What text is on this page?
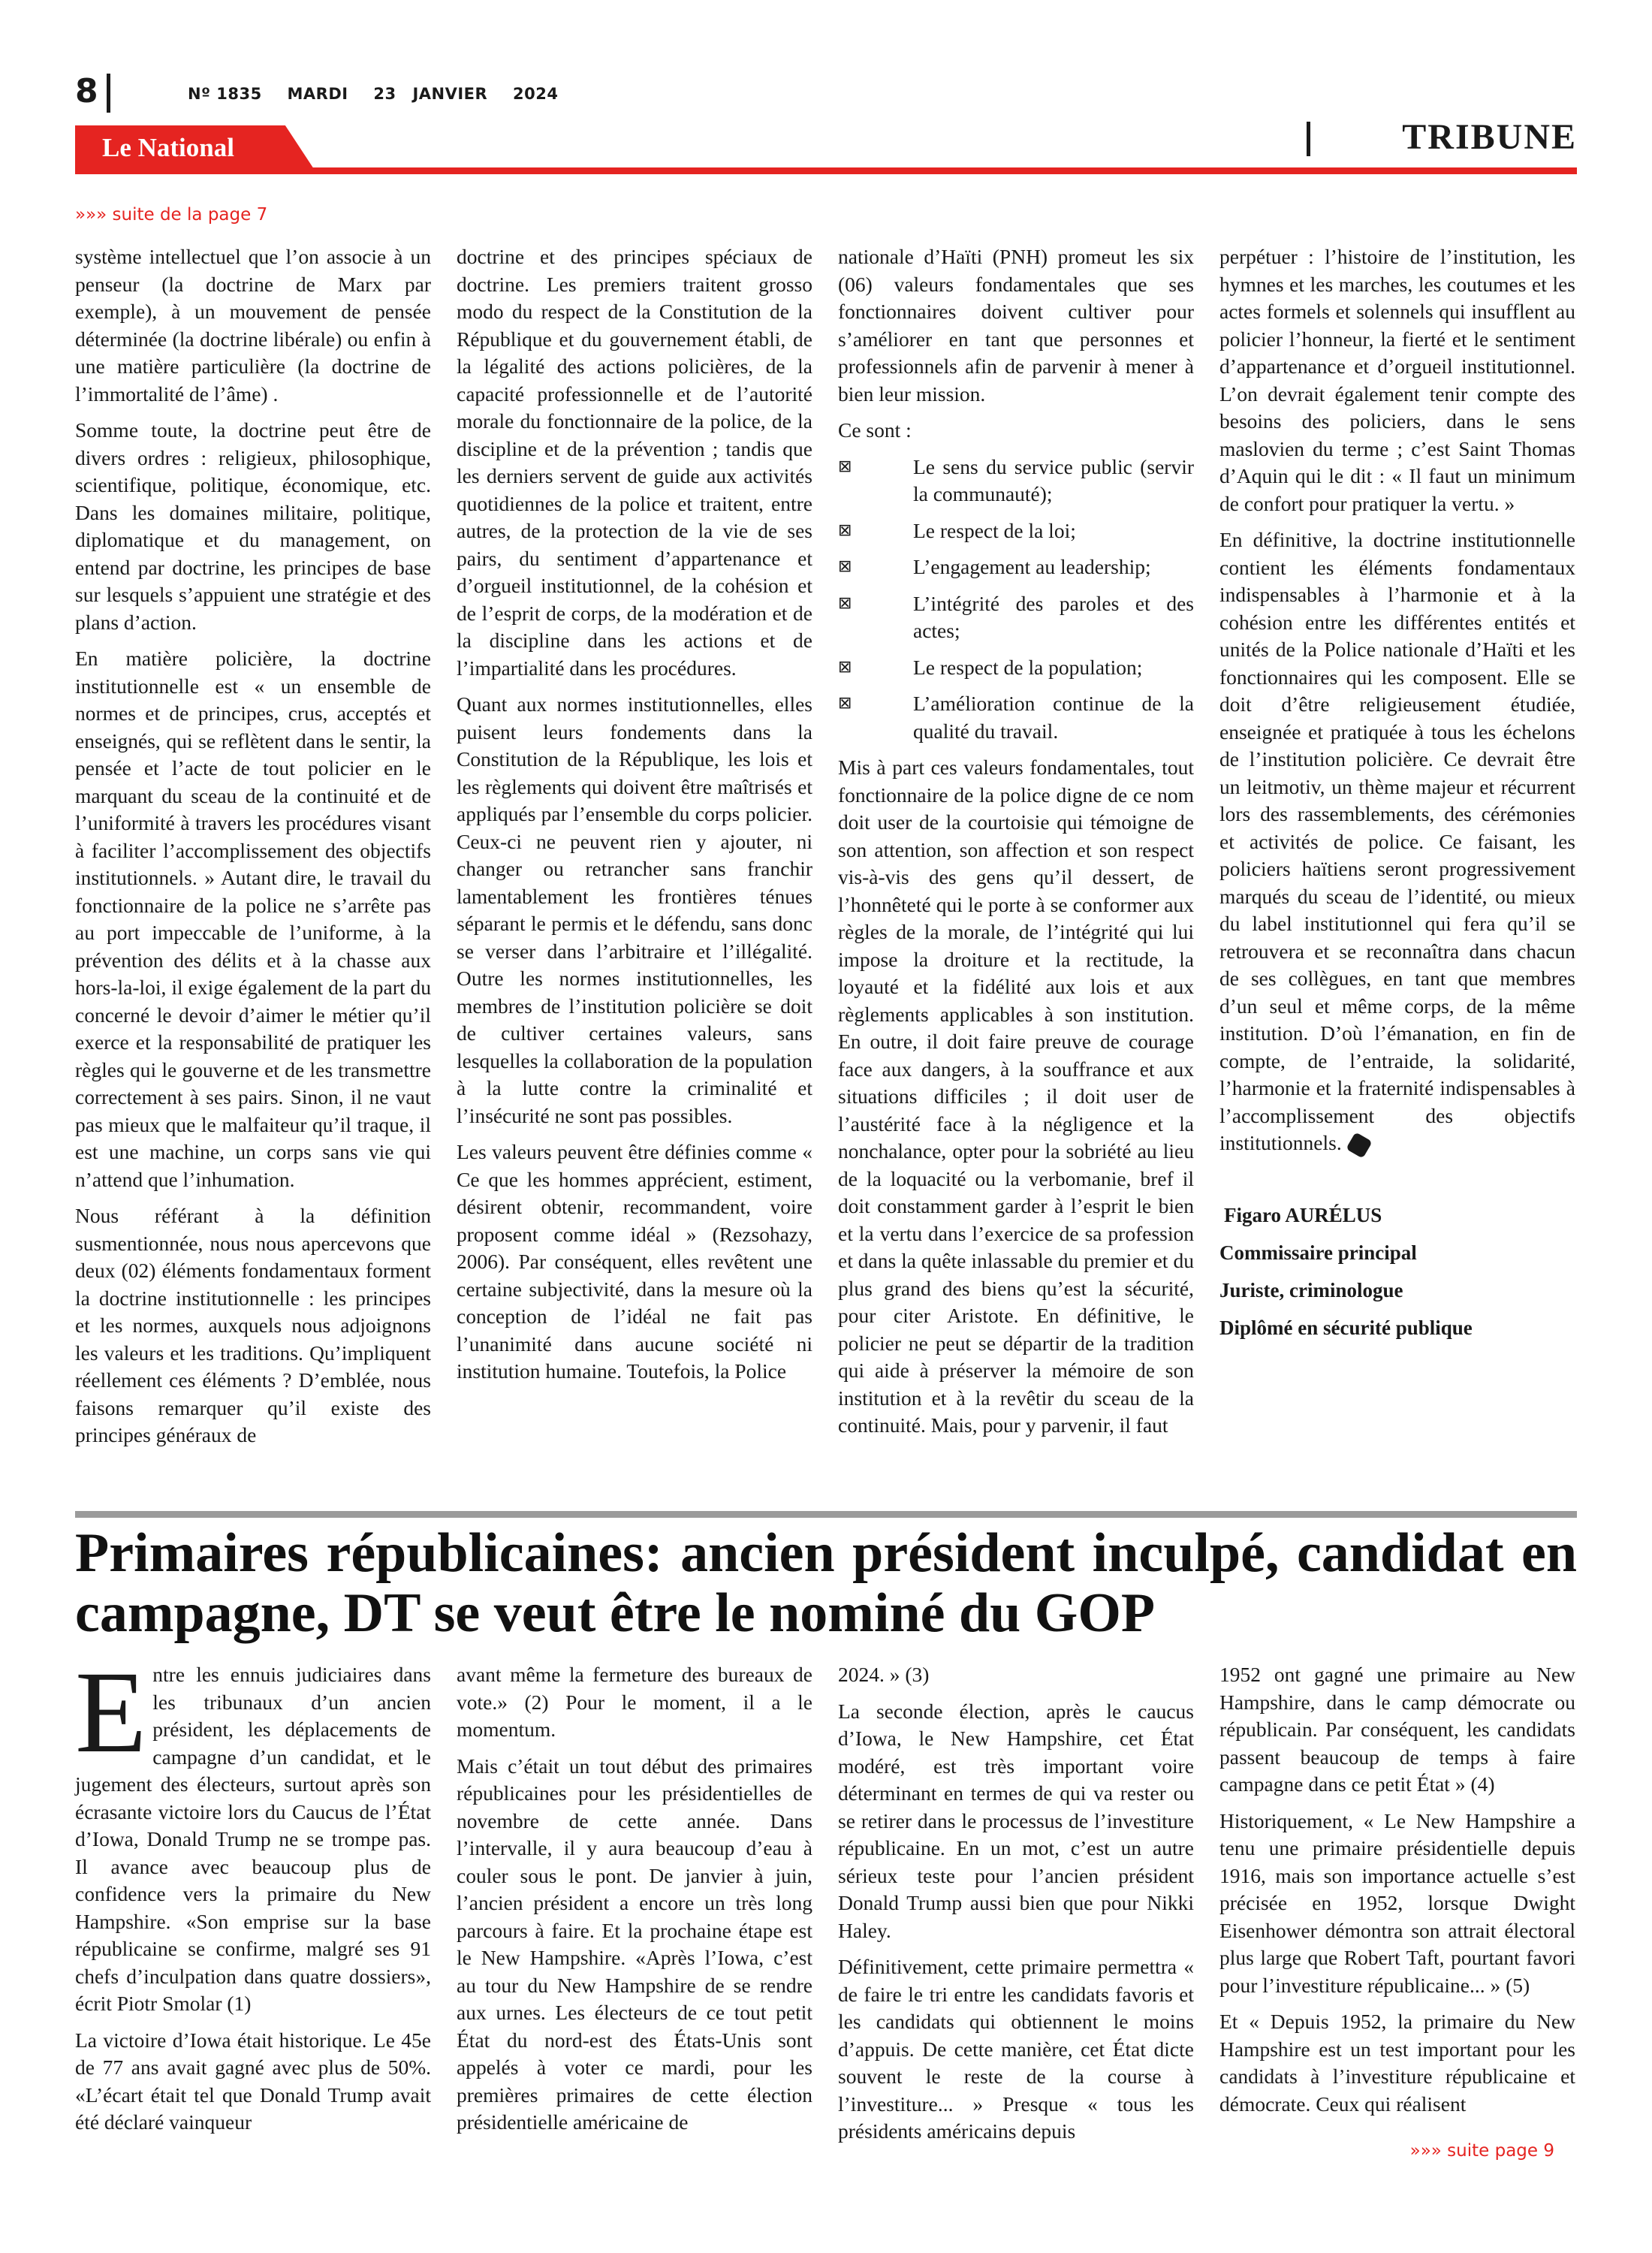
8	Nº 1835 MARDI 23 JANVIER 2024
Le National	TRIBUNE
»»» suite de la page 7

système intellectuel que l’on associe à un penseur (la doctrine de Marx par exemple), à un mouvement de pensée déterminée (la doctrine libérale) ou enfin à une matière particulière (la doctrine de l’immortalité de l’âme) .

Somme toute, la doctrine peut être de divers ordres : religieux, philosophique, scientifique, politique, économique, etc. Dans les domaines militaire, politique, diplomatique et du management, on entend par doctrine, les principes de base sur lesquels s’appuient une stratégie et des plans d’action.

En matière policière, la doctrine institutionnelle est « un ensemble de normes et de principes, crus, acceptés et enseignés, qui se reflètent dans le sentir, la pensée et l’acte de tout policier en le marquant du sceau de la continuité et de l’uniformité à travers les procédures visant à faciliter l’accomplissement des objectifs institutionnels. » Autant dire, le travail du fonctionnaire de la police ne s’arrête pas au port impeccable de l’uniforme, à la prévention des délits et à la chasse aux hors-la-loi, il exige également de la part du concerné le devoir d’aimer le métier qu’il exerce et la responsabilité de pratiquer les règles qui le gouverne et de les transmettre correctement à ses pairs. Sinon, il ne vaut pas mieux que le malfaiteur qu’il traque, il est une machine, un corps sans vie qui n’attend que l’inhumation.

Nous référant à la définition susmentionnée, nous nous apercevons que deux (02) éléments fondamentaux forment la doctrine institutionnelle : les principes et les normes, auxquels nous adjoignons les valeurs et les traditions. Qu’impliquent réellement ces éléments ? D’emblée, nous faisons remarquer qu’il existe des principes généraux de

doctrine et des principes spéciaux de doctrine. Les premiers traitent grosso modo du respect de la Constitution de la République et du gouvernement établi, de la légalité des actions policières, de la capacité professionnelle et de l’autorité morale du fonctionnaire de la police, de la discipline et de la prévention ; tandis que les derniers servent de guide aux activités quotidiennes de la police et traitent, entre autres, de la protection de la vie de ses pairs, du sentiment d’appartenance et d’orgueil institutionnel, de la cohésion et de l’esprit de corps, de la modération et de la discipline dans les actions et de l’impartialité dans les procédures.

Quant aux normes institutionnelles, elles puisent leurs fondements dans la Constitution de la République, les lois et les règlements qui doivent être maîtrisés et appliqués par l’ensemble du corps policier. Ceux-ci ne peuvent rien y ajouter, ni changer ou retrancher sans franchir lamentablement les frontières ténues séparant le permis et le défendu, sans donc se verser dans l’arbitraire et l’illégalité. Outre les normes institutionnelles, les membres de l’institution policière se doit de cultiver certaines valeurs, sans lesquelles la collaboration de la population à la lutte contre la criminalité et l’insécurité ne sont pas possibles.

Les valeurs peuvent être définies comme « Ce que les hommes apprécient, estiment, désirent obtenir, recommandent, voire proposent comme idéal » (Rezsohazy, 2006). Par conséquent, elles revêtent une certaine subjectivité, dans la mesure où la conception de l’idéal ne fait pas l’unanimité dans aucune société ni institution humaine. Toutefois, la Police

nationale d’Haïti (PNH) promeut les six (06) valeurs fondamentales que ses fonctionnaires doivent cultiver pour s’améliorer en tant que personnes et professionnels afin de parvenir à mener à bien leur mission.

Ce sont :

⊠	Le sens du service public (servir la communauté);

⊠	Le respect de la loi;

⊠	L’engagement au leadership;

⊠	L’intégrité des paroles et des actes;

⊠	Le respect de la population;

⊠	L’amélioration continue de la qualité du travail.

Mis à part ces valeurs fondamentales, tout fonctionnaire de la police digne de ce nom doit user de la courtoisie qui témoigne de son attention, son affection et son respect vis-à-vis des gens qu’il dessert, de l’honnêteté qui le porte à se conformer aux règles de la morale, de l’intégrité qui lui impose la droiture et la rectitude, la loyauté et la fidélité aux lois et aux règlements applicables à son institution. En outre, il doit faire preuve de courage face aux dangers, à la souffrance et aux situations difficiles ; il doit user de l’austérité face à la négligence et la nonchalance, opter pour la sobriété au lieu de la loquacité ou la verbomanie, bref il doit constamment garder à l’esprit le bien et la vertu dans l’exercice de sa profession et dans la quête inlassable du premier et du plus grand des biens qu’est la sécurité, pour citer Aristote. En définitive, le policier ne peut se départir de la tradition qui aide à préserver la mémoire de son institution et à la revêtir du sceau de la continuité. Mais, pour y parvenir, il faut

perpétuer : l’histoire de l’institution, les hymnes et les marches, les coutumes et les actes formels et solennels qui insufflent au policier l’honneur, la fierté et le sentiment d’appartenance et d’orgueil institutionnel. L’on devrait également tenir compte des besoins des policiers, dans le sens maslovien du terme ; c’est Saint Thomas d’Aquin qui le dit : « Il faut un minimum de confort pour pratiquer la vertu. »

En définitive, la doctrine institutionnelle contient les éléments fondamentaux indispensables à l’harmonie et à la cohésion entre les différentes entités et unités de la Police nationale d’Haïti et les fonctionnaires qui les composent. Elle se doit d’être religieusement étudiée, enseignée et pratiquée à tous les échelons de l’institution policière. Ce devrait être un leitmotiv, un thème majeur et récurrent lors des rassemblements, des cérémonies et activités de police. Ce faisant, les policiers haïtiens seront progressivement marqués du sceau de l’identité, ou mieux du label institutionnel qui fera qu’il se retrouvera et se reconnaîtra dans chacun de ses collègues, en tant que membres d’un seul et même corps, de la même institution. D’où l’émanation, en fin de compte, de l’entraide, la solidarité, l’harmonie et la fraternité indispensables à l’accomplissement des objectifs institutionnels.

Figaro AURÉLUS
Commissaire principal
Juriste, criminologue
Diplômé en sécurité publique
Primaires républicaines: ancien président inculpé, candidat en campagne, DT se veut être le nominé du GOP

Entre les ennuis judiciaires dans les tribunaux d’un ancien président, les déplacements de campagne d’un candidat, et le jugement des électeurs, surtout après son écrasante victoire lors du Caucus de l’État d’Iowa, Donald Trump ne se trompe pas. Il avance avec beaucoup plus de confidence vers la primaire du New Hampshire. «Son emprise sur la base républicaine se confirme, malgré ses 91 chefs d’inculpation dans quatre dossiers», écrit Piotr Smolar (1)

La victoire d’Iowa était historique. Le 45e de 77 ans avait gagné avec plus de 50%. «L’écart était tel que Donald Trump avait été déclaré vainqueur

avant même la fermeture des bureaux de vote.» (2) Pour le moment, il a le momentum.

Mais c’était un tout début des primaires républicaines pour les présidentielles de novembre de cette année. Dans l’intervalle, il y aura beaucoup d’eau à couler sous le pont. De janvier à juin, l’ancien président a encore un très long parcours à faire. Et la prochaine étape est le New Hampshire. «Après l’Iowa, c’est au tour du New Hampshire de se rendre aux urnes. Les électeurs de ce tout petit État du nord-est des États-Unis sont appelés à voter ce mardi, pour les premières primaires de cette élection présidentielle américaine de

2024. » (3)

La seconde élection, après le caucus d’Iowa, le New Hampshire, cet État modéré, est très important voire déterminant en termes de qui va rester ou se retirer dans le processus de l’investiture républicaine. En un mot, c’est un autre sérieux teste pour l’ancien président Donald Trump aussi bien que pour Nikki Haley.

Définitivement, cette primaire permettra « de faire le tri entre les candidats favoris et les candidats qui obtiennent le moins d’appuis. De cette manière, cet État dicte souvent le reste de la course à l’investiture... » Presque « tous les présidents américains depuis

1952 ont gagné une primaire au New Hampshire, dans le camp démocrate ou républicain. Par conséquent, les candidats passent beaucoup de temps à faire campagne dans ce petit État » (4)

Historiquement, « Le New Hampshire a tenu une primaire présidentielle depuis 1916, mais son importance actuelle s’est précisée en 1952, lorsque Dwight Eisenhower démontra son attrait électoral plus large que Robert Taft, pourtant favori pour l’investiture républicaine... » (5)

Et « Depuis 1952, la primaire du New Hampshire est un test important pour les candidats à l’investiture républicaine et démocrate. Ceux qui réalisent

»»» suite page 9
